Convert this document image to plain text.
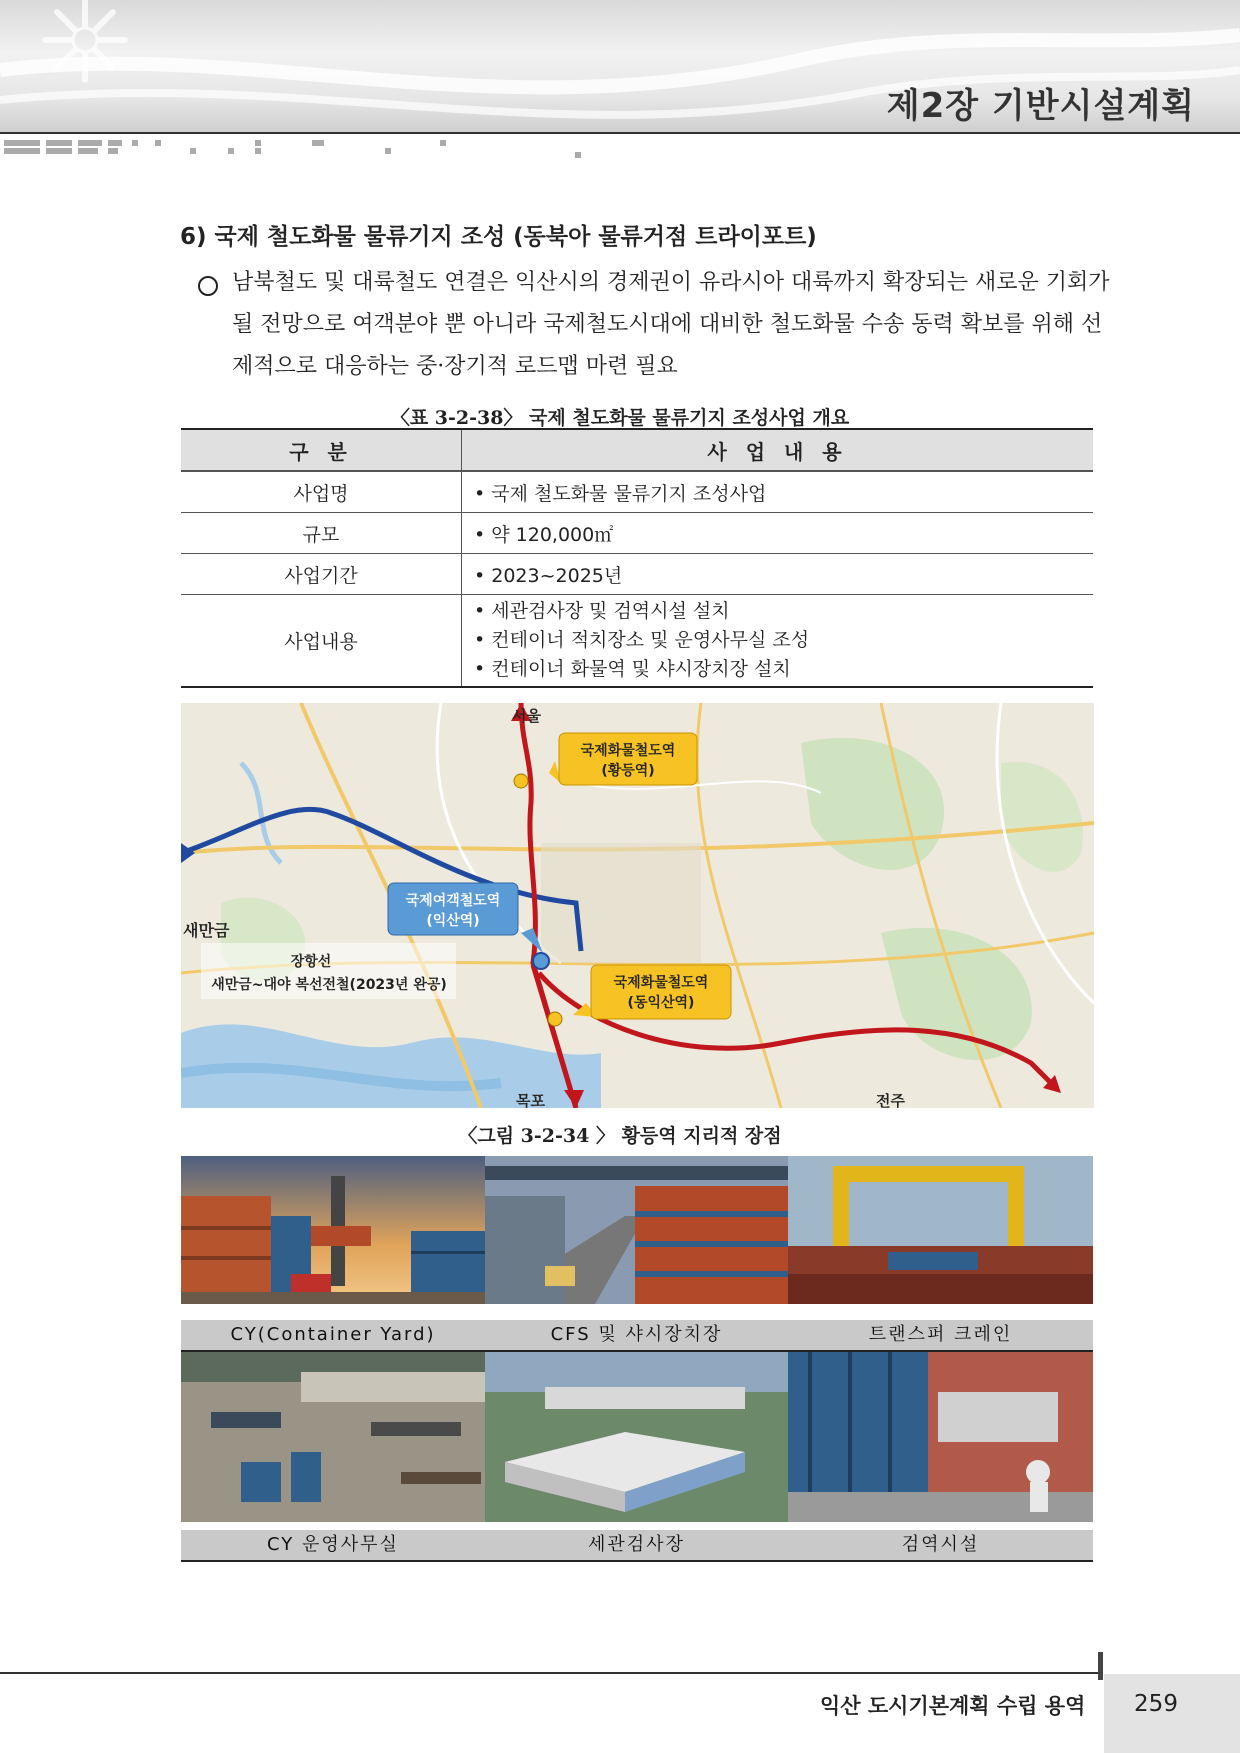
제2장 기반시설계획
6) 국제 철도화물 물류기지 조성 (동북아 물류거점 트라이포트)
남북철도 및 대륙철도 연결은 익산시의 경제권이 유라시아 대륙까지 확장되는 새로운 기회가 될 전망으로 여객분야 뿐 아니라 국제철도시대에 대비한 철도화물 수송 동력 확보를 위해 선제적으로 대응하는 중·장기적 로드맵 마련 필요
〈표 3-2-38〉 국제 철도화물 물류기지 조성사업 개요
구 분	사 업 내 용
사업명	• 국제 철도화물 물류기지 조성사업
규모	• 약 120,000㎡
사업기간	• 2023~2025년
사업내용	• 세관검사장 및 검역시설 설치
• 컨테이너 적치장소 및 운영사무실 조성
• 컨테이너 화물역 및 샤시장치장 설치
서울
새만금
목포	전주
국제화물철도역
(황등역)
국제여객철도역
(익산역)
국제화물철도역
(동익산역)
장항선
새만금~대야 복선전철(2023년 완공)
〈그림 3-2-34 〉 황등역 지리적 장점
CY(Container Yard)	CFS 및 샤시장치장	트랜스퍼 크레인
CY 운영사무실	세관검사장	검역시설
익산 도시기본계획 수립 용역	259
